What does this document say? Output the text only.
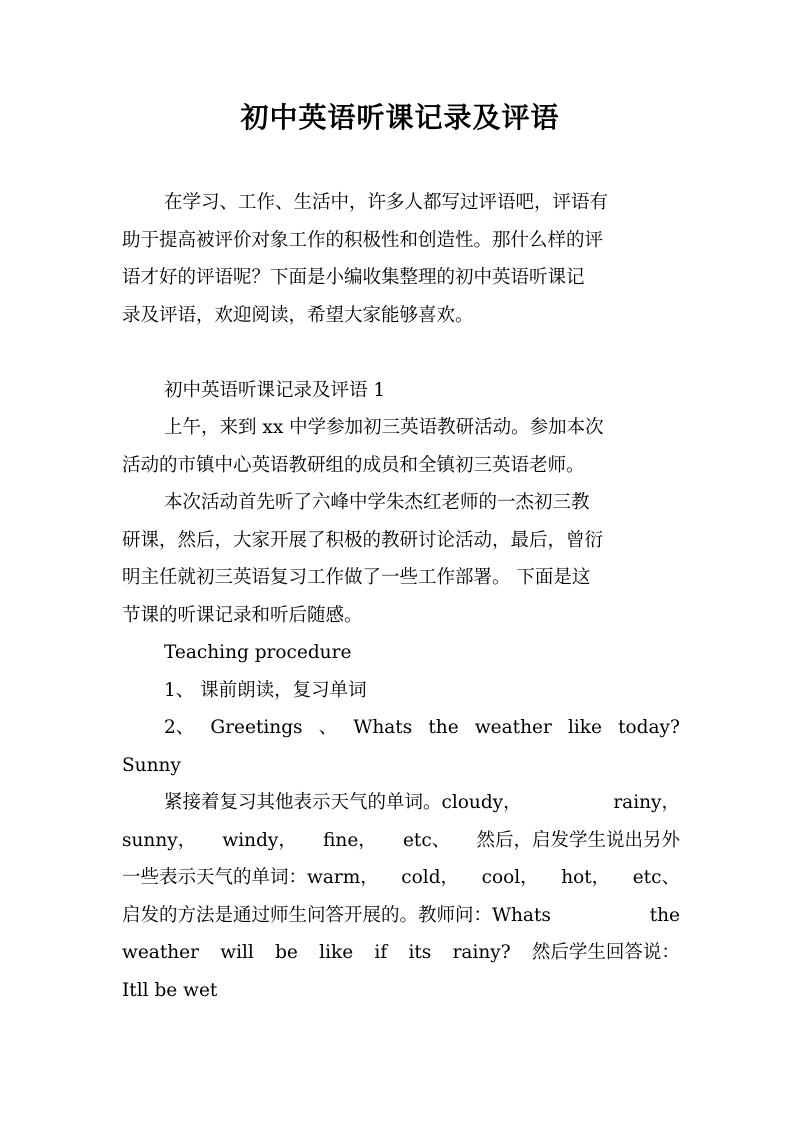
初中英语听课记录及评语
在学习、工作、生活中，许多人都写过评语吧，评语有
助于提高被评价对象工作的积极性和创造性。那什么样的评
语才好的评语呢？下面是小编收集整理的初中英语听课记
录及评语，欢迎阅读，希望大家能够喜欢。
初中英语听课记录及评语 1
上午，来到 xx 中学参加初三英语教研活动。参加本次
活动的市镇中心英语教研组的成员和全镇初三英语老师。
本次活动首先听了六峰中学朱杰红老师的一杰初三教
研课，然后，大家开展了积极的教研讨论活动，最后，曾衍
明主任就初三英语复习工作做了一些工作部署。 下面是这
节课的听课记录和听后随感。
Teaching procedure
1、 课前朗读，复习单词
2、 Greetings 、 Whats the weather like today?
Sunny
紧接着复习其他表示天气的单词。cloudy，	rainy，
sunny， windy， fine， etc、 然后，启发学生说出另外
一些表示天气的单词：warm， cold， cool， hot， etc、
启发的方法是通过师生问答开展的。教师问：Whats	the
weather will be like if its rainy? 然后学生回答说：
Itll be wet
